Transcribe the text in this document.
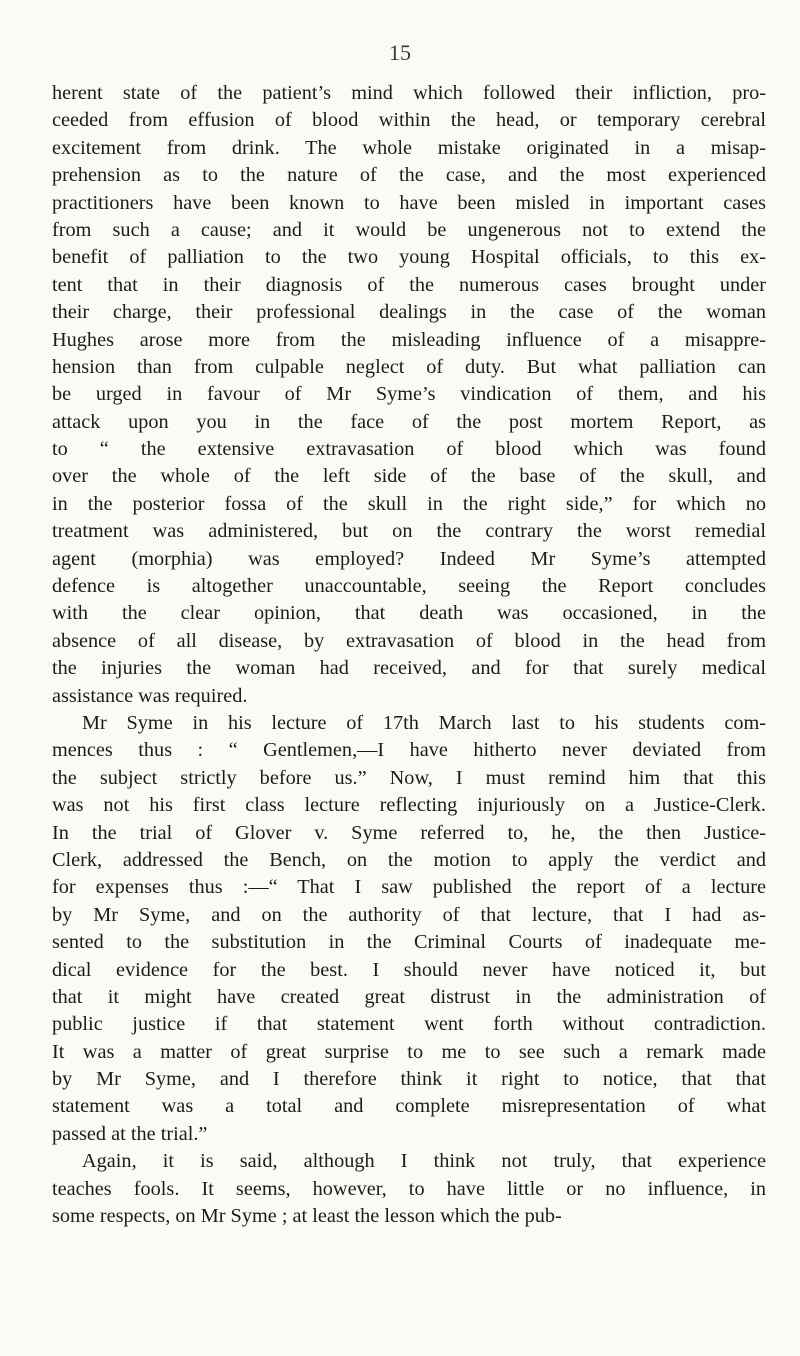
15
herent state of the patient’s mind which followed their infliction, pro-
ceeded from effusion of blood within the head, or temporary cerebral
excitement from drink. The whole mistake originated in a misap-
prehension as to the nature of the case, and the most experienced
practitioners have been known to have been misled in important cases
from such a cause; and it would be ungenerous not to extend the
benefit of palliation to the two young Hospital officials, to this ex-
tent that in their diagnosis of the numerous cases brought under
their charge, their professional dealings in the case of the woman
Hughes arose more from the misleading influence of a misappre-
hension than from culpable neglect of duty. But what palliation can
be urged in favour of Mr Syme’s vindication of them, and his
attack upon you in the face of the post mortem Report, as
to “ the extensive extravasation of blood which was found
over the whole of the left side of the base of the skull, and
in the posterior fossa of the skull in the right side,” for which no
treatment was administered, but on the contrary the worst remedial
agent (morphia) was employed? Indeed Mr Syme’s attempted
defence is altogether unaccountable, seeing the Report concludes
with the clear opinion, that death was occasioned, in the
absence of all disease, by extravasation of blood in the head from
the injuries the woman had received, and for that surely medical
assistance was required.
Mr Syme in his lecture of 17th March last to his students com-
mences thus : “ Gentlemen,—I have hitherto never deviated from
the subject strictly before us.” Now, I must remind him that this
was not his first class lecture reflecting injuriously on a Justice-Clerk.
In the trial of Glover v. Syme referred to, he, the then Justice-
Clerk, addressed the Bench, on the motion to apply the verdict and
for expenses thus :—“ That I saw published the report of a lecture
by Mr Syme, and on the authority of that lecture, that I had as-
sented to the substitution in the Criminal Courts of inadequate me-
dical evidence for the best. I should never have noticed it, but
that it might have created great distrust in the administration of
public justice if that statement went forth without contradiction.
It was a matter of great surprise to me to see such a remark made
by Mr Syme, and I therefore think it right to notice, that that
statement was a total and complete misrepresentation of what
passed at the trial.”
Again, it is said, although I think not truly, that experience
teaches fools. It seems, however, to have little or no influence, in
some respects, on Mr Syme ; at least the lesson which the pub-
